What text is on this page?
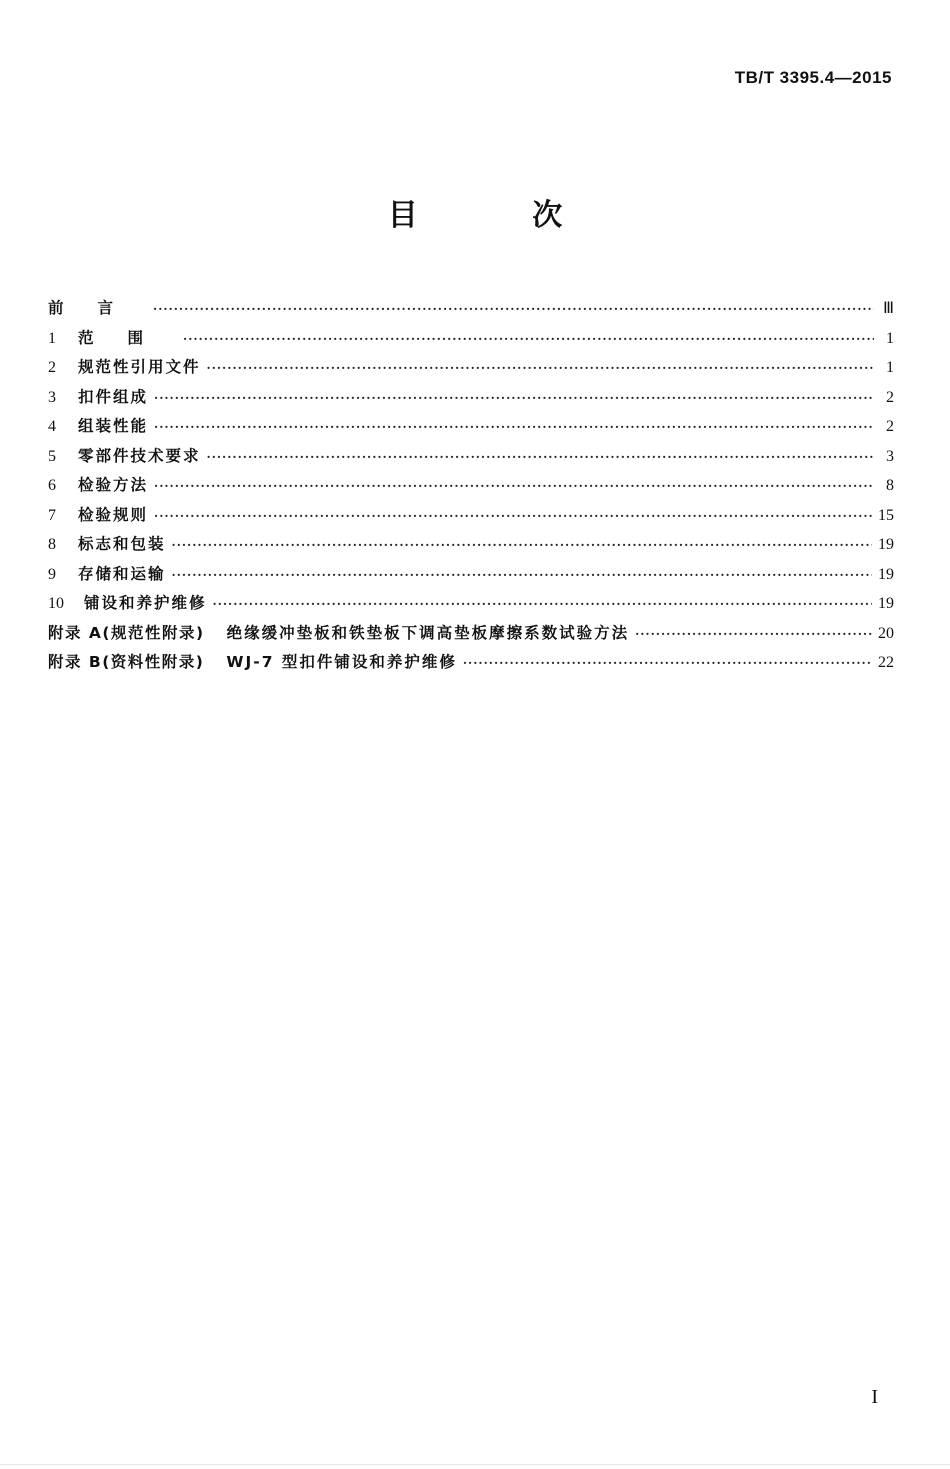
TB/T 3395.4—2015
目 次
前言 ·····	Ⅲ
1	范围 ·····	1
2	规范性引用文件 ·····	1
3	扣件组成 ·····	2
4	组装性能 ·····	2
5	零部件技术要求 ·····	3
6	检验方法 ·····	8
7	检验规则 ·····	15
8	标志和包装 ·····	19
9	存储和运输 ·····	19
10	铺设和养护维修 ·····	19
附录 A(规范性附录) 绝缘缓冲垫板和铁垫板下调高垫板摩擦系数试验方法 ·····	20
附录 B(资料性附录) WJ-7 型扣件铺设和养护维修 ·····	22
I
